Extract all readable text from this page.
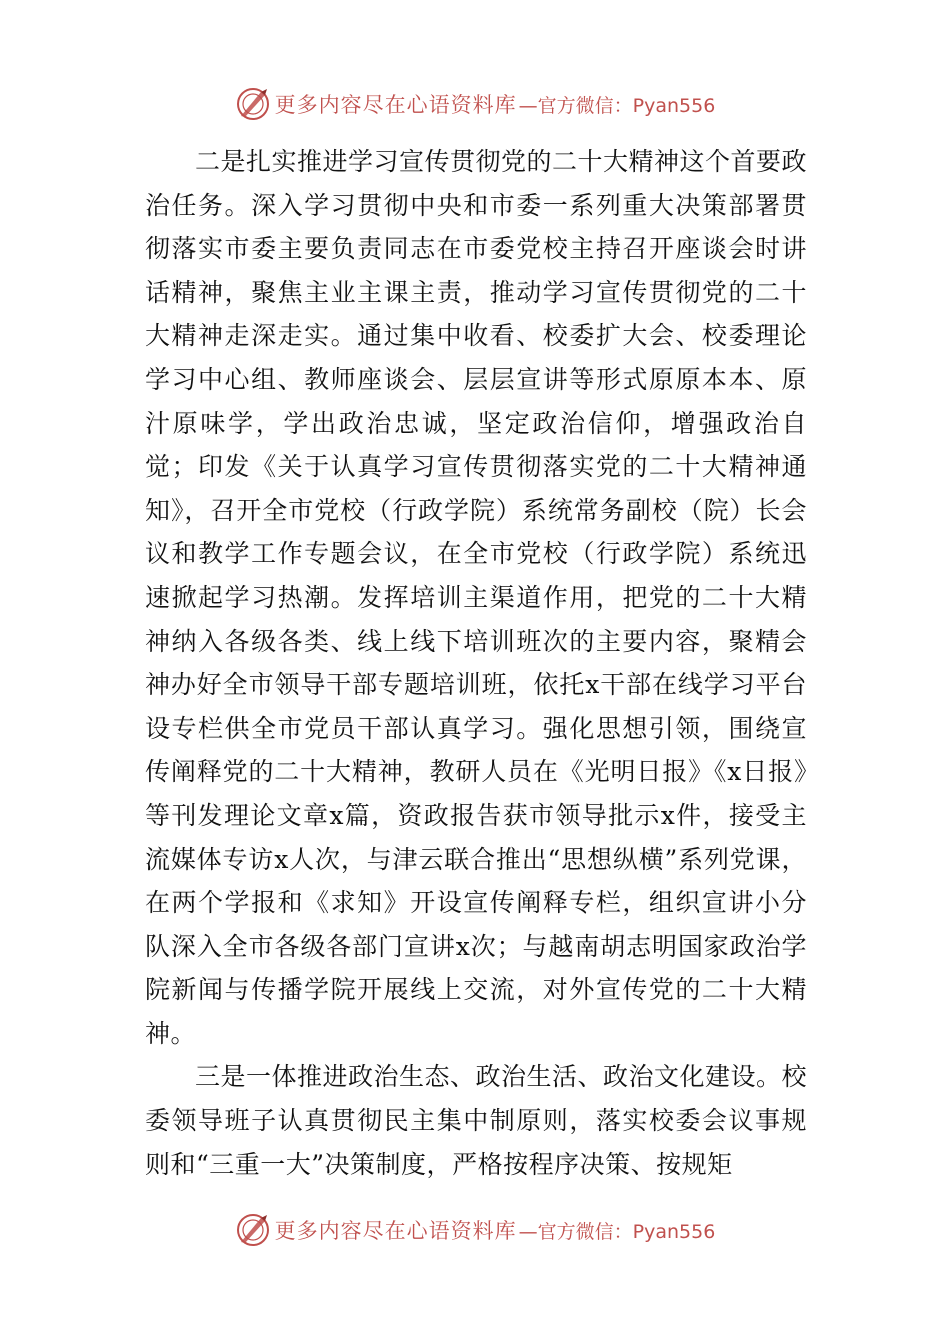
更多内容尽在心语资料库 —官方微信：Pyan556

二是扎实推进学习宣传贯彻党的二十大精神这个首要政治任务。深入学习贯彻中央和市委一系列重大决策部署贯彻落实市委主要负责同志在市委党校主持召开座谈会时讲话精神，聚焦主业主课主责，推动学习宣传贯彻党的二十大精神走深走实。通过集中收看、校委扩大会、校委理论学习中心组、教师座谈会、层层宣讲等形式原原本本、原汁原味学，学出政治忠诚，坚定政治信仰，增强政治自觉；印发《关于认真学习宣传贯彻落实党的二十大精神通知》，召开全市党校（行政学院）系统常务副校（院）长会议和教学工作专题会议，在全市党校（行政学院）系统迅速掀起学习热潮。发挥培训主渠道作用，把党的二十大精神纳入各级各类、线上线下培训班次的主要内容，聚精会神办好全市领导干部专题培训班，依托x干部在线学习平台设专栏供全市党员干部认真学习。强化思想引领，围绕宣传阐释党的二十大精神，教研人员在《光明日报》《x日报》等刊发理论文章x篇，资政报告获市领导批示x件，接受主流媒体专访x人次，与津云联合推出“思想纵横”系列党课，在两个学报和《求知》开设宣传阐释专栏，组织宣讲小分队深入全市各级各部门宣讲x次；与越南胡志明国家政治学院新闻与传播学院开展线上交流，对外宣传党的二十大精神。

三是一体推进政治生态、政治生活、政治文化建设。校委领导班子认真贯彻民主集中制原则，落实校委会议事规则和“三重一大”决策制度，严格按程序决策、按规矩

更多内容尽在心语资料库 —官方微信：Pyan556
